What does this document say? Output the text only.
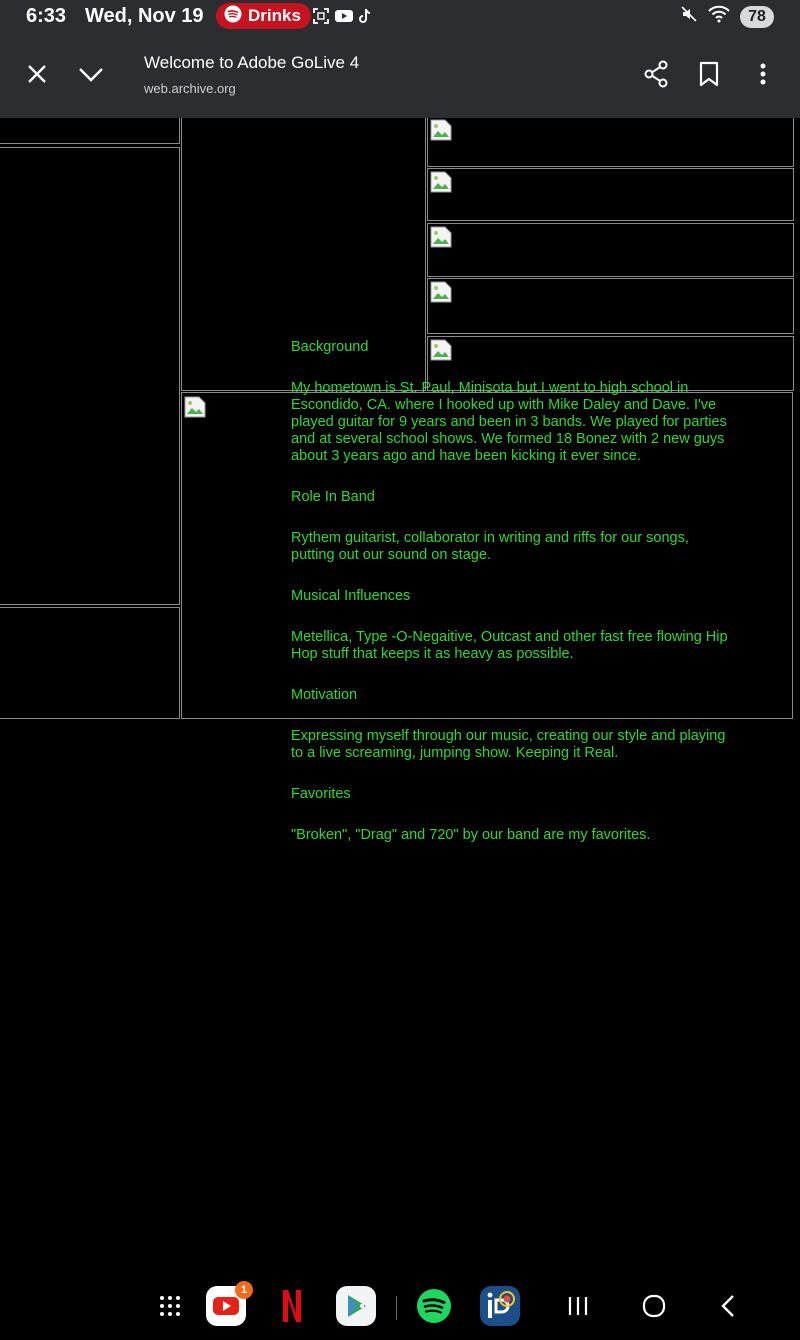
6:33 Wed, Nov 19	Drinks	78
Welcome to Adobe GoLive 4
web.archive.org

Background

My hometown is St. Paul, Minisota but I went to high school in Escondido, CA. where I hooked up with Mike Daley and Dave. I've played guitar for 9 years and been in 3 bands. We played for parties and at several school shows. We formed 18 Bonez with 2 new guys about 3 years ago and have been kicking it ever since.

Role In Band

Rythem guitarist, collaborator in writing and riffs for our songs, putting out our sound on stage.

Musical Influences

Metellica, Type -O-Negaitive, Outcast and other fast free flowing Hip Hop stuff that keeps it as heavy as possible.

Motivation

Expressing myself through our music, creating our style and playing to a live screaming, jumping show. Keeping it Real.

Favorites

"Broken", "Drag" and 720" by our band are my favorites.

1
